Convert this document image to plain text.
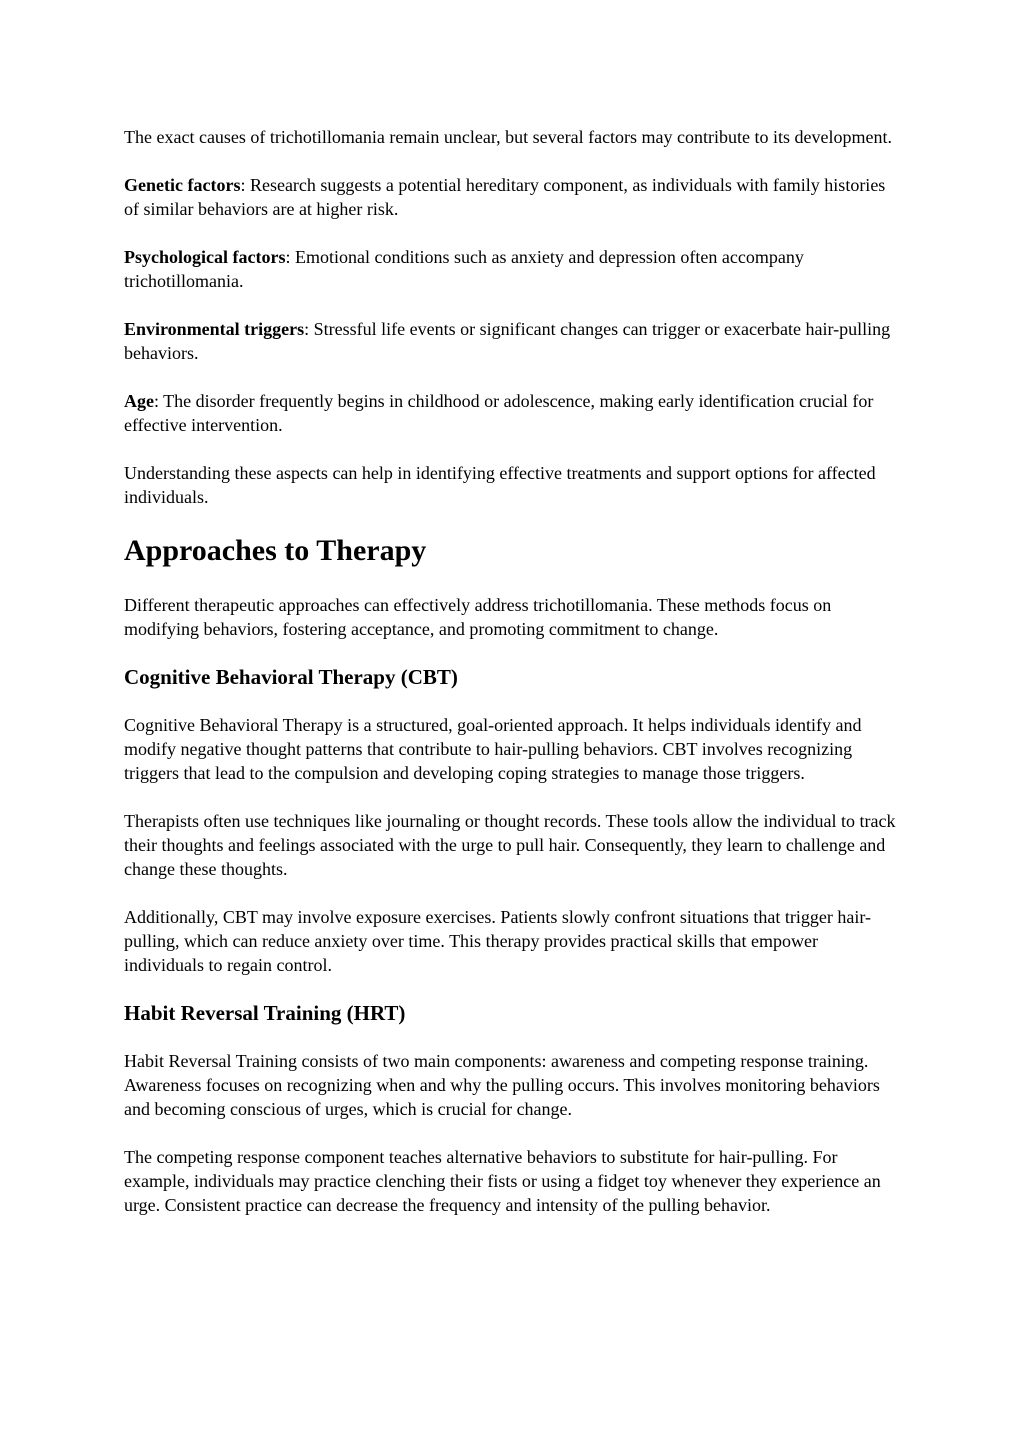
The exact causes of trichotillomania remain unclear, but several factors may contribute to its development.

Genetic factors: Research suggests a potential hereditary component, as individuals with family histories of similar behaviors are at higher risk.

Psychological factors: Emotional conditions such as anxiety and depression often accompany trichotillomania.

Environmental triggers: Stressful life events or significant changes can trigger or exacerbate hair-pulling behaviors.

Age: The disorder frequently begins in childhood or adolescence, making early identification crucial for effective intervention.

Understanding these aspects can help in identifying effective treatments and support options for affected individuals.

Approaches to Therapy

Different therapeutic approaches can effectively address trichotillomania. These methods focus on modifying behaviors, fostering acceptance, and promoting commitment to change.

Cognitive Behavioral Therapy (CBT)

Cognitive Behavioral Therapy is a structured, goal-oriented approach. It helps individuals identify and modify negative thought patterns that contribute to hair-pulling behaviors. CBT involves recognizing triggers that lead to the compulsion and developing coping strategies to manage those triggers.

Therapists often use techniques like journaling or thought records. These tools allow the individual to track their thoughts and feelings associated with the urge to pull hair. Consequently, they learn to challenge and change these thoughts.

Additionally, CBT may involve exposure exercises. Patients slowly confront situations that trigger hair-pulling, which can reduce anxiety over time. This therapy provides practical skills that empower individuals to regain control.

Habit Reversal Training (HRT)

Habit Reversal Training consists of two main components: awareness and competing response training. Awareness focuses on recognizing when and why the pulling occurs. This involves monitoring behaviors and becoming conscious of urges, which is crucial for change.

The competing response component teaches alternative behaviors to substitute for hair-pulling. For example, individuals may practice clenching their fists or using a fidget toy whenever they experience an urge. Consistent practice can decrease the frequency and intensity of the pulling behavior.
